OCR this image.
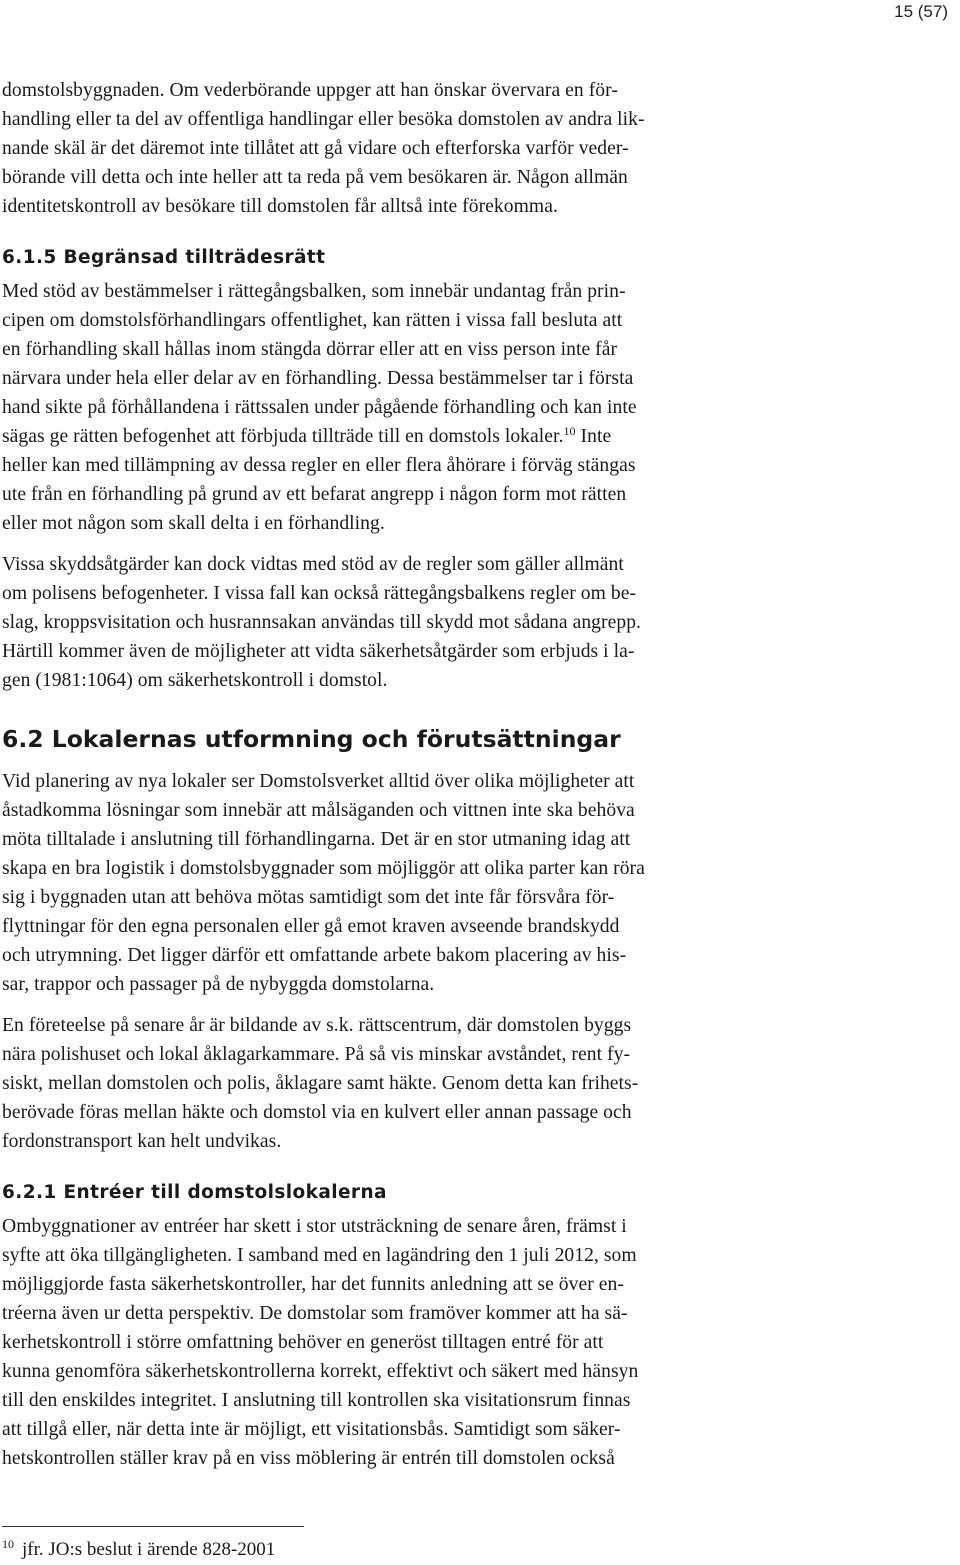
15 (57)

domstolsbyggnaden. Om vederbörande uppger att han önskar övervara en för-
handling eller ta del av offentliga handlingar eller besöka domstolen av andra lik-
nande skäl är det däremot inte tillåtet att gå vidare och efterforska varför veder-
börande vill detta och inte heller att ta reda på vem besökaren är. Någon allmän
identitetskontroll av besökare till domstolen får alltså inte förekomma.

6.1.5 Begränsad tillträdesrätt

Med stöd av bestämmelser i rättegångsbalken, som innebär undantag från prin-
cipen om domstolsförhandlingars offentlighet, kan rätten i vissa fall besluta att
en förhandling skall hållas inom stängda dörrar eller att en viss person inte får
närvara under hela eller delar av en förhandling. Dessa bestämmelser tar i första
hand sikte på förhållandena i rättssalen under pågående förhandling och kan inte
sägas ge rätten befogenhet att förbjuda tillträde till en domstols lokaler.$^{10}$ Inte
heller kan med tillämpning av dessa regler en eller flera åhörare i förväg stängas
ute från en förhandling på grund av ett befarat angrepp i någon form mot rätten
eller mot någon som skall delta i en förhandling.

Vissa skyddsåtgärder kan dock vidtas med stöd av de regler som gäller allmänt
om polisens befogenheter. I vissa fall kan också rättegångsbalkens regler om be-
slag, kroppsvisitation och husrannsakan användas till skydd mot sådana angrepp.
Härtill kommer även de möjligheter att vidta säkerhetsåtgärder som erbjuds i la-
gen (1981:1064) om säkerhetskontroll i domstol.

6.2 Lokalernas utformning och förutsättningar

Vid planering av nya lokaler ser Domstolsverket alltid över olika möjligheter att
åstadkomma lösningar som innebär att målsäganden och vittnen inte ska behöva
möta tilltalade i anslutning till förhandlingarna. Det är en stor utmaning idag att
skapa en bra logistik i domstolsbyggnader som möjliggör att olika parter kan röra
sig i byggnaden utan att behöva mötas samtidigt som det inte får försvåra för-
flyttningar för den egna personalen eller gå emot kraven avseende brandskydd
och utrymning. Det ligger därför ett omfattande arbete bakom placering av his-
sar, trappor och passager på de nybyggda domstolarna.

En företeelse på senare år är bildande av s.k. rättscentrum, där domstolen byggs
nära polishuset och lokal åklagarkammare. På så vis minskar avståndet, rent fy-
siskt, mellan domstolen och polis, åklagare samt häkte. Genom detta kan frihets-
berövade föras mellan häkte och domstol via en kulvert eller annan passage och
fordonstransport kan helt undvikas.

6.2.1 Entréer till domstolslokalerna

Ombyggnationer av entréer har skett i stor utsträckning de senare åren, främst i
syfte att öka tillgängligheten. I samband med en lagändring den 1 juli 2012, som
möjliggjorde fasta säkerhetskontroller, har det funnits anledning att se över en-
tréerna även ur detta perspektiv. De domstolar som framöver kommer att ha sä-
kerhetskontroll i större omfattning behöver en generöst tilltagen entré för att
kunna genomföra säkerhetskontrollerna korrekt, effektivt och säkert med hänsyn
till den enskildes integritet. I anslutning till kontrollen ska visitationsrum finnas
att tillgå eller, när detta inte är möjligt, ett visitationsbås. Samtidigt som säker-
hetskontrollen ställer krav på en viss möblering är entrén till domstolen också

$^{10}$ jfr. JO:s beslut i ärende 828-2001
